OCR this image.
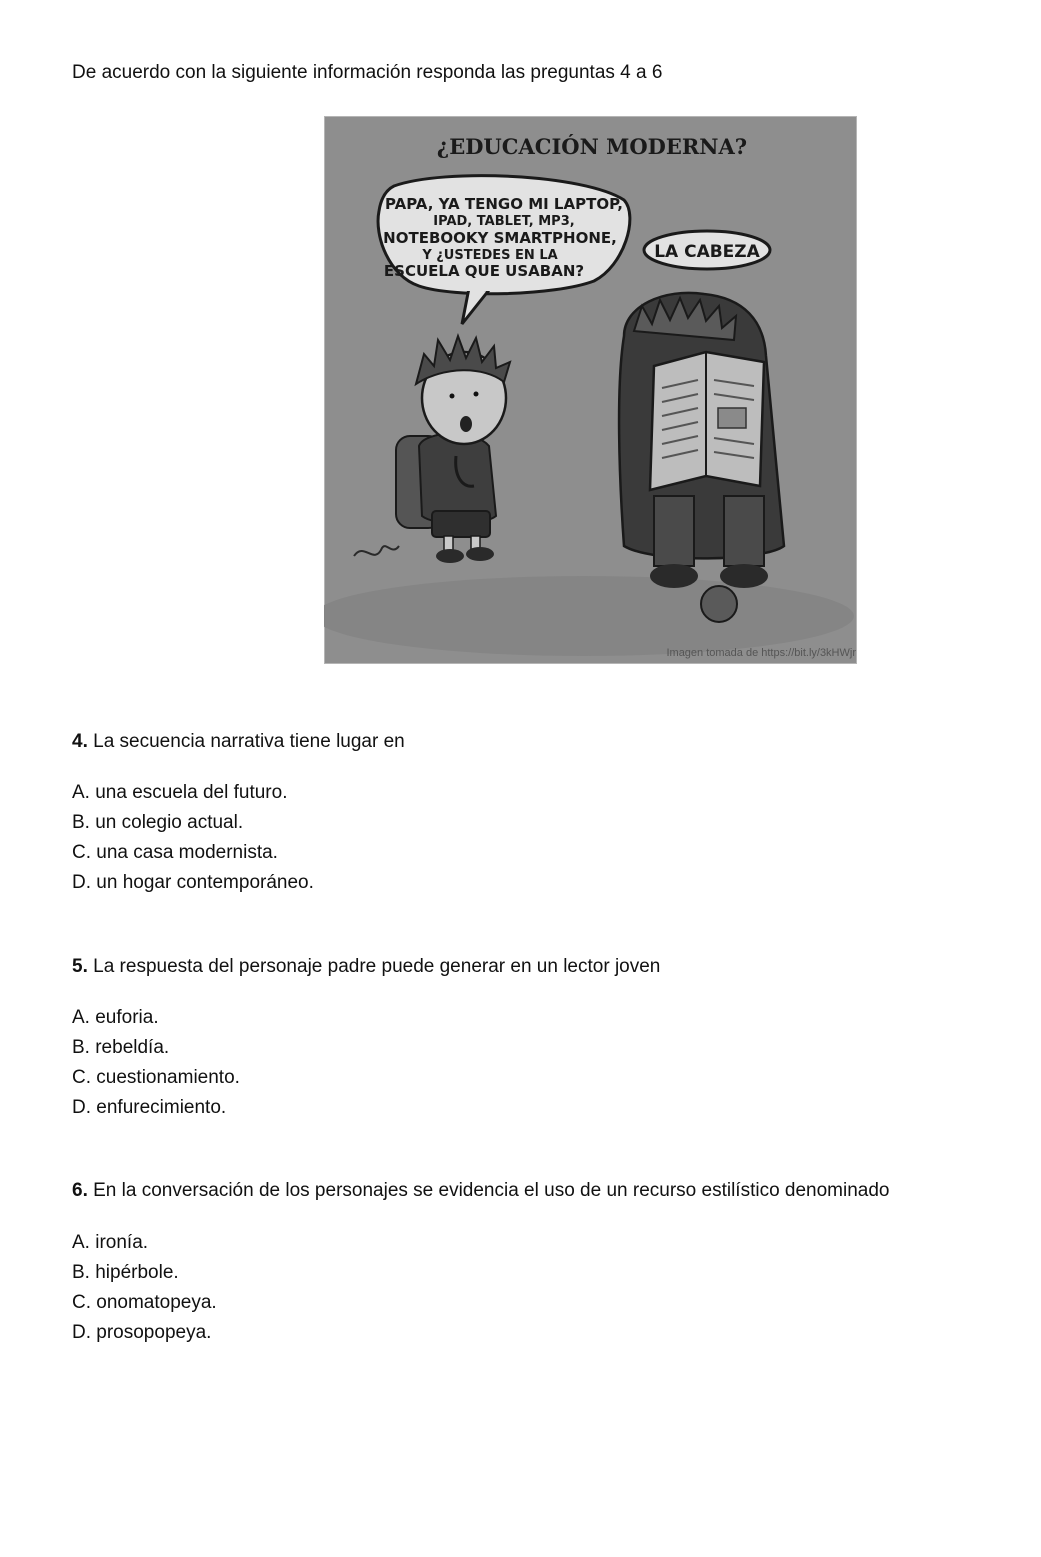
De acuerdo con la siguiente información responda las preguntas 4 a 6
¿EDUCACIÓN MODERNA?
PAPA, YA TENGO MI LAPTOP,
IPAD, TABLET, MP3,
NOTEBOOKY SMARTPHONE,
Y ¿USTEDES EN LA
ESCUELA QUE USABAN?
LA CABEZA
Imagen tomada de https://bit.ly/3kHWjr
4. La secuencia narrativa tiene lugar en
A. una escuela del futuro.
B. un colegio actual.
C. una casa modernista.
D. un hogar contemporáneo.
5. La respuesta del personaje padre puede generar en un lector joven
A. euforia.
B. rebeldía.
C. cuestionamiento.
D. enfurecimiento.
6. En la conversación de los personajes se evidencia el uso de un recurso estilístico denominado
A. ironía.
B. hipérbole.
C. onomatopeya.
D. prosopopeya.
